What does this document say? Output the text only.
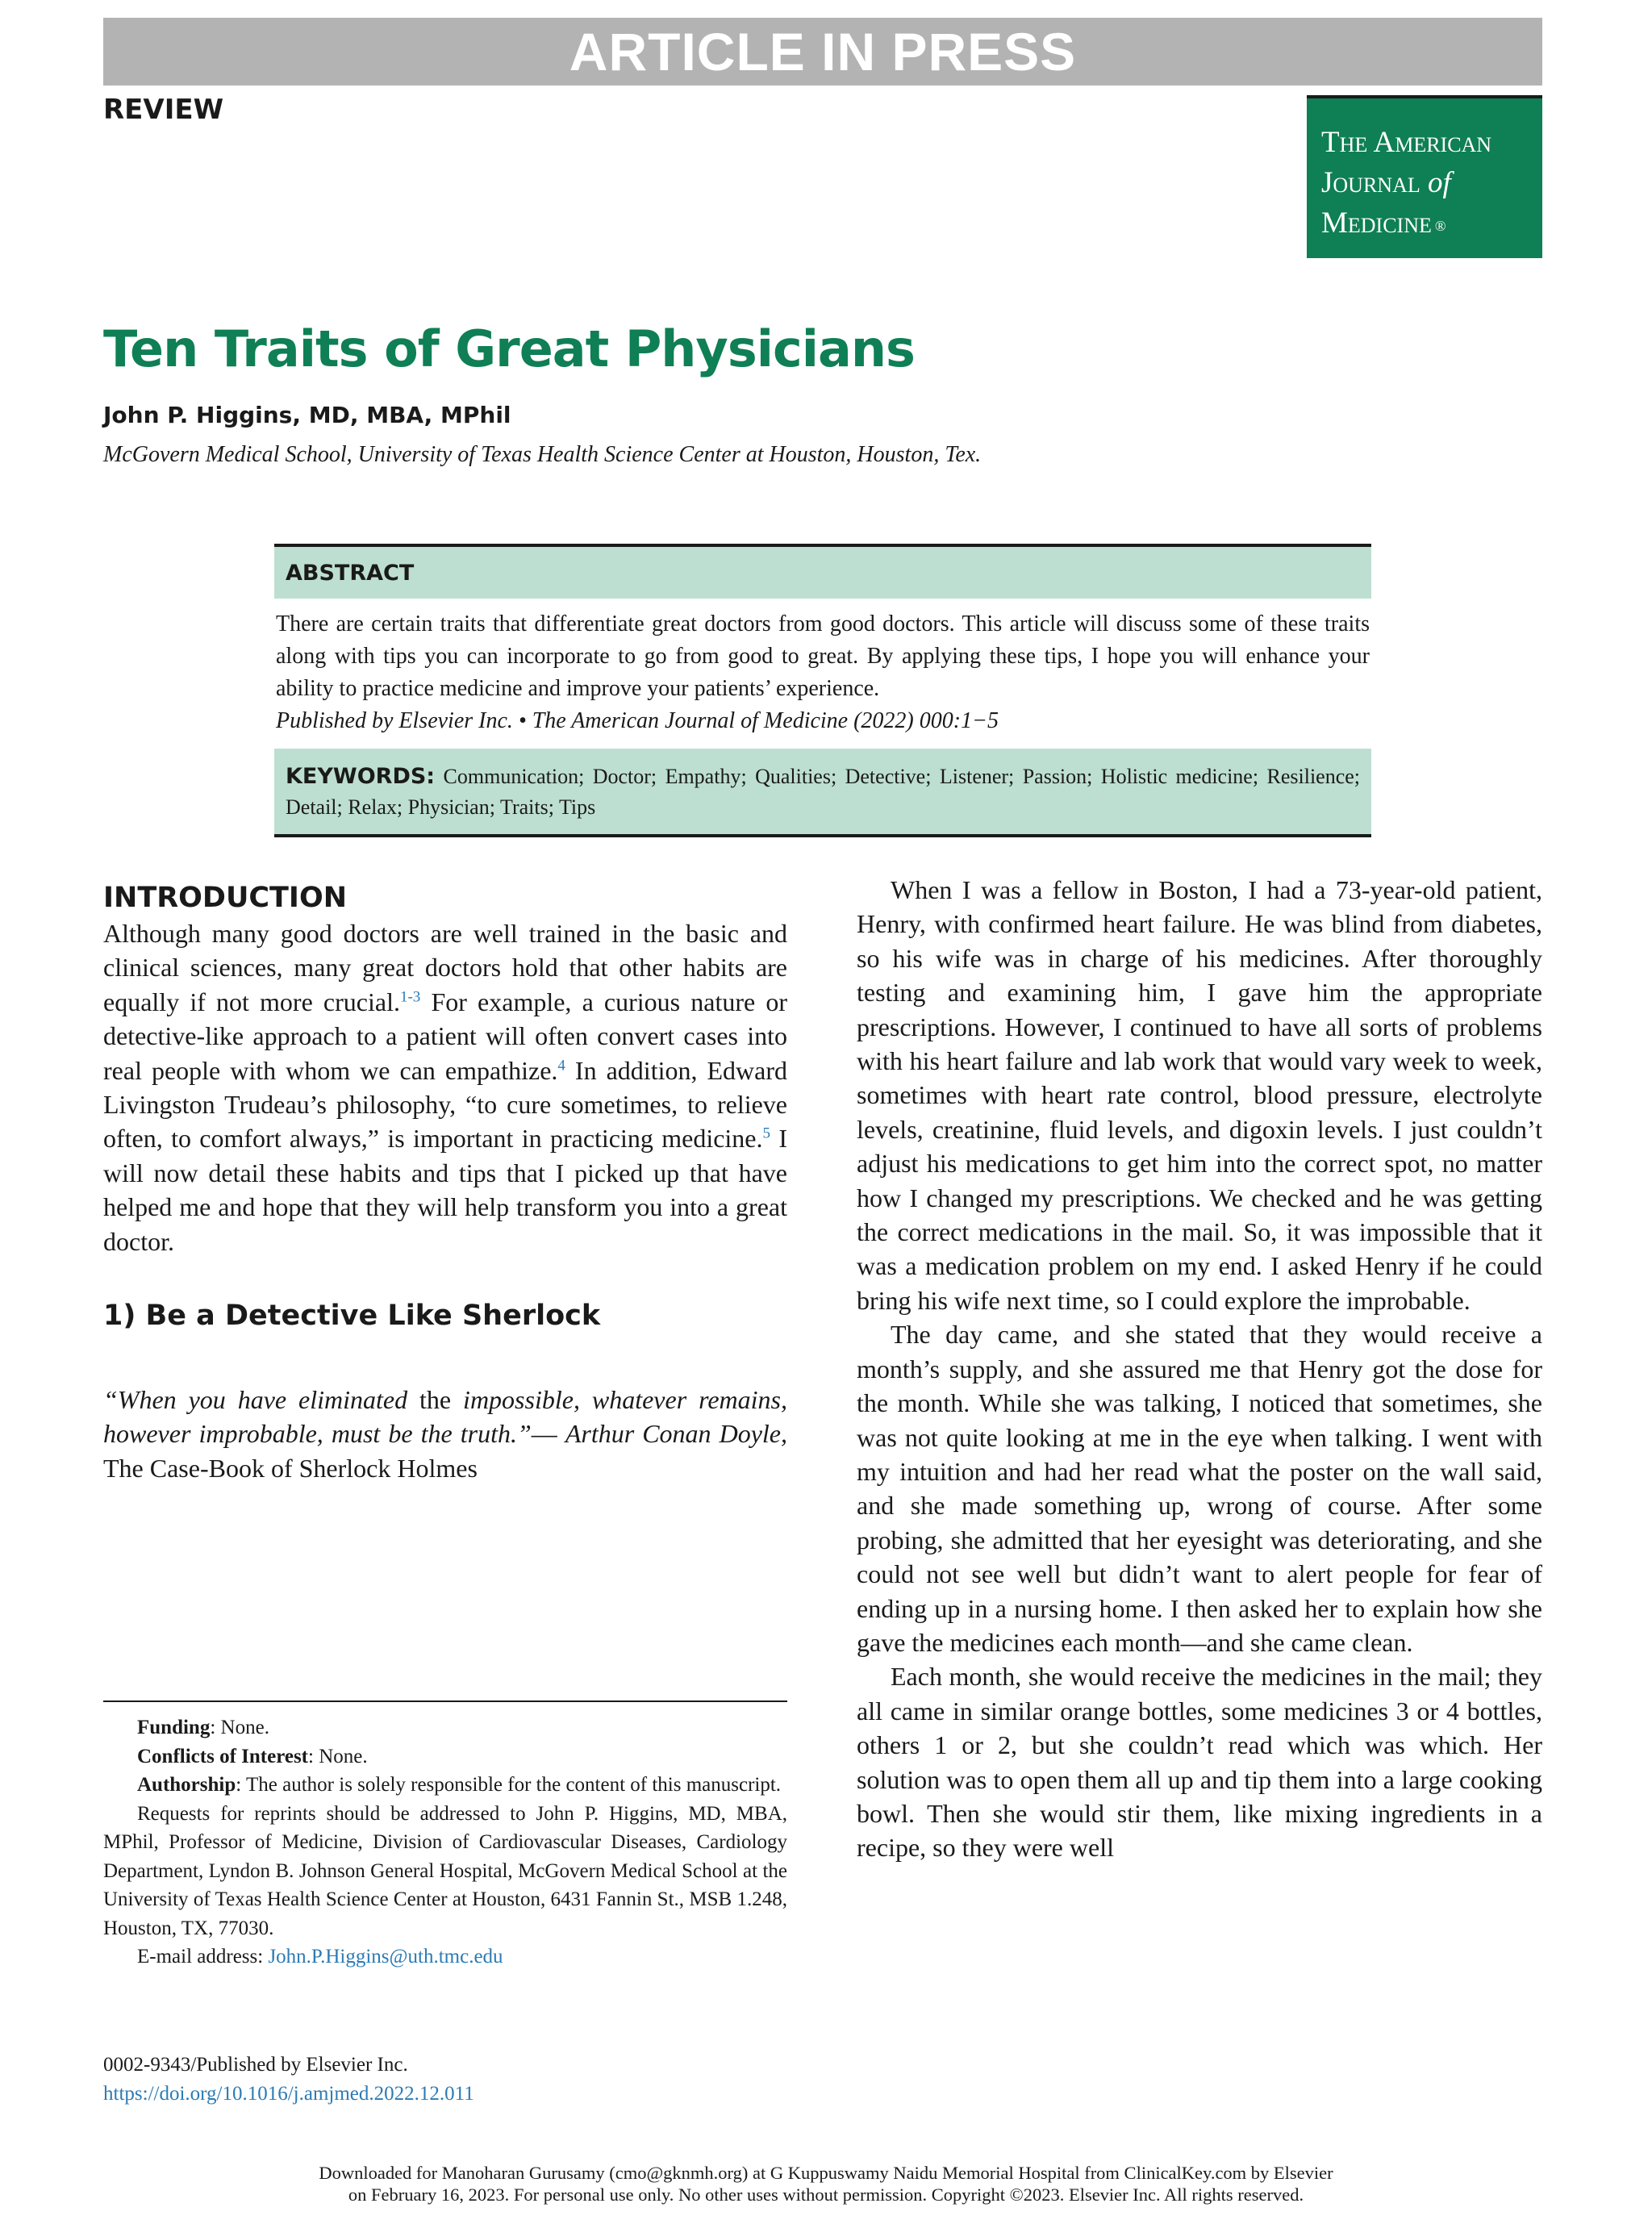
ARTICLE IN PRESS
REVIEW
The American
Journal of
Medicine ®
Ten Traits of Great Physicians
John P. Higgins, MD, MBA, MPhil
McGovern Medical School, University of Texas Health Science Center at Houston, Houston, Tex.
ABSTRACT
There are certain traits that differentiate great doctors from good doctors. This article will discuss some of these traits along with tips you can incorporate to go from good to great. By applying these tips, I hope you will enhance your ability to practice medicine and improve your patients’ experience.
Published by Elsevier Inc. • The American Journal of Medicine (2022) 000:1−5
KEYWORDS: Communication; Doctor; Empathy; Qualities; Detective; Listener; Passion; Holistic medicine; Resilience; Detail; Relax; Physician; Traits; Tips
INTRODUCTION

Although many good doctors are well trained in the basic and clinical sciences, many great doctors hold that other habits are equally if not more crucial.$^{1-3}$ For example, a curious nature or detective-like approach to a patient will often convert cases into real people with whom we can empathize.$^4$ In addition, Edward Livingston Trudeau’s philosophy, “to cure sometimes, to relieve often, to comfort always,” is important in practicing medicine.$^5$ I will now detail these habits and tips that I picked up that have helped me and hope that they will help transform you into a great doctor.

1) Be a Detective Like Sherlock

“When you have eliminated the impossible, whatever remains, however improbable, must be the truth.”— Arthur Conan Doyle, The Case-Book of Sherlock Holmes

When I was a fellow in Boston, I had a 73-year-old patient, Henry, with confirmed heart failure. He was blind from diabetes, so his wife was in charge of his medicines. After thoroughly testing and examining him, I gave him the appropriate prescriptions. However, I continued to have all sorts of problems with his heart failure and lab work that would vary week to week, sometimes with heart rate control, blood pressure, electrolyte levels, creatinine, fluid levels, and digoxin levels. I just couldn’t adjust his medications to get him into the correct spot, no matter how I changed my prescriptions. We checked and he was getting the correct medications in the mail. So, it was impossible that it was a medication problem on my end. I asked Henry if he could bring his wife next time, so I could explore the improbable.

The day came, and she stated that they would receive a month’s supply, and she assured me that Henry got the dose for the month. While she was talking, I noticed that sometimes, she was not quite looking at me in the eye when talking. I went with my intuition and had her read what the poster on the wall said, and she made something up, wrong of course. After some probing, she admitted that her eyesight was deteriorating, and she could not see well but didn’t want to alert people for fear of ending up in a nursing home. I then asked her to explain how she gave the medicines each month—and she came clean.

Each month, she would receive the medicines in the mail; they all came in similar orange bottles, some medicines 3 or 4 bottles, others 1 or 2, but she couldn’t read which was which. Her solution was to open them all up and tip them into a large cooking bowl. Then she would stir them, like mixing ingredients in a recipe, so they were well

Funding: None.

Conflicts of Interest: None.

Authorship: The author is solely responsible for the content of this manuscript.

Requests for reprints should be addressed to John P. Higgins, MD, MBA, MPhil, Professor of Medicine, Division of Cardiovascular Diseases, Cardiology Department, Lyndon B. Johnson General Hospital, McGovern Medical School at the University of Texas Health Science Center at Houston, 6431 Fannin St., MSB 1.248, Houston, TX, 77030.

E-mail address: John.P.Higgins@uth.tmc.edu

0002-9343/Published by Elsevier Inc.
https://doi.org/10.1016/j.amjmed.2022.12.011
Downloaded for Manoharan Gurusamy (cmo@gknmh.org) at G Kuppuswamy Naidu Memorial Hospital from ClinicalKey.com by Elsevier
on February 16, 2023. For personal use only. No other uses without permission. Copyright ©2023. Elsevier Inc. All rights reserved.
